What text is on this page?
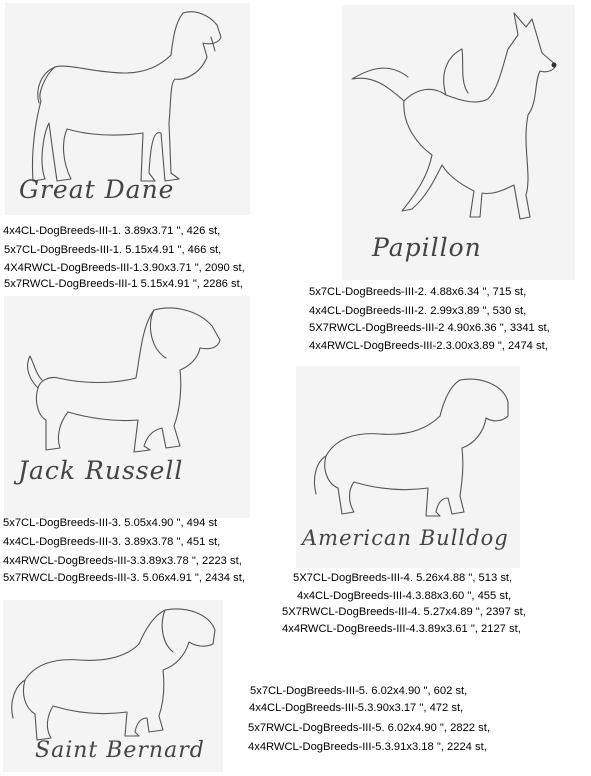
Great Dane
Papillon
Jack Russell
American Bulldog
Saint Bernard
4x4CL-DogBreeds-III-1. 3.89x3.71 ", 426 st,
5x7CL-DogBreeds-III-1. 5.15x4.91 ", 466 st,
4X4RWCL-DogBreeds-III-1.3.90x3.71 ", 2090 st,
5x7RWCL-DogBreeds-III-1 5.15x4.91 ", 2286 st,
5x7CL-DogBreeds-III-2. 4.88x6.34 ", 715 st,
4x4CL-DogBreeds-III-2. 2.99x3.89 ", 530 st,
5X7RWCL-DogBreeds-III-2 4.90x6.36 ", 3341 st,
4x4RWCL-DogBreeds-III-2.3.00x3.89 ", 2474 st,
5x7CL-DogBreeds-III-3. 5.05x4.90 ", 494 st
4x4CL-DogBreeds-III-3. 3.89x3.78 ", 451 st,
4x4RWCL-DogBreeds-III-3.3.89x3.78 ", 2223 st,
5x7RWCL-DogBreeds-III-3. 5.06x4.91 ", 2434 st,	5X7CL-DogBreeds-III-4. 5.26x4.88 ", 513 st,
4x4CL-DogBreeds-III-4.3.88x3.60 ", 455 st,
5X7RWCL-DogBreeds-III-4. 5.27x4.89 ", 2397 st,
4x4RWCL-DogBreeds-III-4.3.89x3.61 ", 2127 st,
5x7CL-DogBreeds-III-5. 6.02x4.90 ", 602 st,
4x4CL-DogBreeds-III-5.3.90x3.17 ", 472 st,
5x7RWCL-DogBreeds-III-5. 6.02x4.90 ", 2822 st,
4x4RWCL-DogBreeds-III-5.3.91x3.18 ", 2224 st,
